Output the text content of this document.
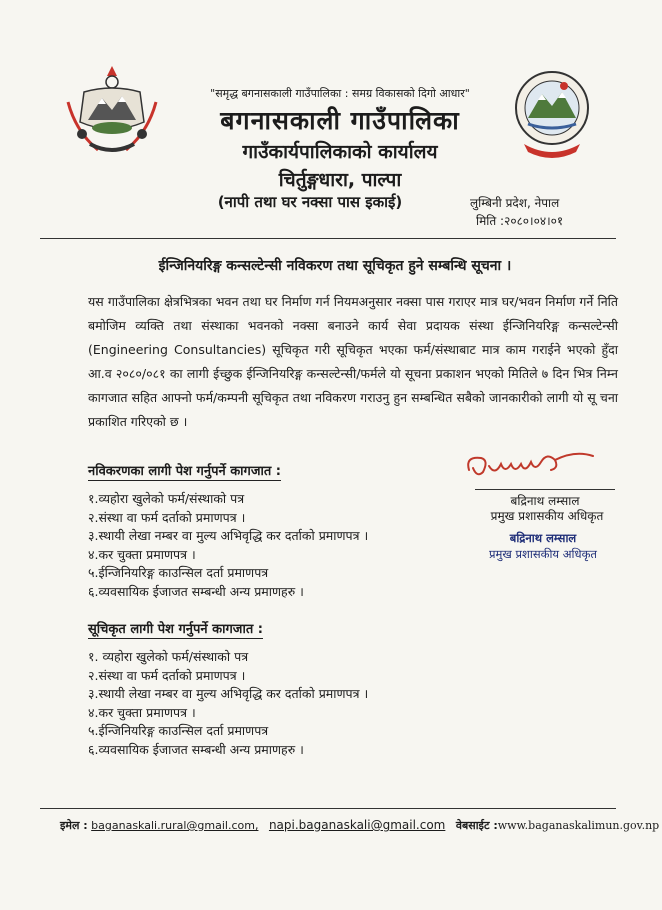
"समृद्ध बगनासकाली गाउँपालिका : समग्र विकासको दिगो आधार"
बगनासकाली गाउँपालिका
गाउँकार्यपालिकाको कार्यालय
चिर्तुङ्गधारा, पाल्पा
(नापी तथा घर नक्सा पास इकाई)	लुम्बिनी प्रदेश, नेपाल
मिति :२०८०।०४।०१
ईन्जिनियरिङ्ग कन्सल्टेन्सी नविकरण तथा सूचिकृत हुने सम्बन्धि सूचना ।
यस गाउँपालिका क्षेत्रभित्रका भवन तथा घर निर्माण गर्न नियमअनुसार नक्सा पास गराएर मात्र घर/भवन निर्माण गर्ने निति बमोजिम व्यक्ति तथा संस्थाका भवनको नक्सा बनाउने कार्य सेवा प्रदायक संस्था ईन्जिनियरिङ्ग कन्सल्टेन्सी (Engineering Consultancies) सूचिकृत गरी सूचिकृत भएका फर्म/संस्थाबाट मात्र काम गराईने भएको हुँदा आ.व २०८०/०८१ का लागी ईच्छुक ईन्जिनियरिङ्ग कन्सल्टेन्सी/फर्मले यो सूचना प्रकाशन भएको मितिले ७ दिन भित्र निम्न कागजात सहित आफ्नो फर्म/कम्पनी सूचिकृत तथा नविकरण गराउनु हुन सम्बन्धित सबैको जानकारीको लागी यो सू चना प्रकाशित गरिएको छ ।
नविकरणका लागी पेश गर्नुपर्ने कागजात :
१.व्यहोरा खुलेको फर्म/संस्थाको पत्र
२.संस्था वा फर्म दर्ताको प्रमाणपत्र ।
३.स्थायी लेखा नम्बर वा मुल्य अभिवृद्धि कर दर्ताको प्रमाणपत्र ।
४.कर चुक्ता प्रमाणपत्र ।
५.ईन्जिनियरिङ्ग काउन्सिल दर्ता प्रमाणपत्र
६.व्यवसायिक ईजाजत सम्बन्धी अन्य प्रमाणहरु ।
सूचिकृत लागी पेश गर्नुपर्ने कागजात :
१. व्यहोरा खुलेको फर्म/संस्थाको पत्र
२.संस्था वा फर्म दर्ताको प्रमाणपत्र ।
३.स्थायी लेखा नम्बर वा मुल्य अभिवृद्धि कर दर्ताको प्रमाणपत्र ।
४.कर चुक्ता प्रमाणपत्र ।
५.ईन्जिनियरिङ्ग काउन्सिल दर्ता प्रमाणपत्र
६.व्यवसायिक ईजाजत सम्बन्धी अन्य प्रमाणहरु ।
बद्रिनाथ लम्साल
प्रमुख प्रशासकीय अधिकृत
बद्रिनाथ लम्साल
प्रमुख प्रशासकीय अधिकृत
इमेल : baganaskali.rural@gmail.com, napi.baganaskali@gmail.com वेबसाईट :www.baganaskalimun.gov.np
